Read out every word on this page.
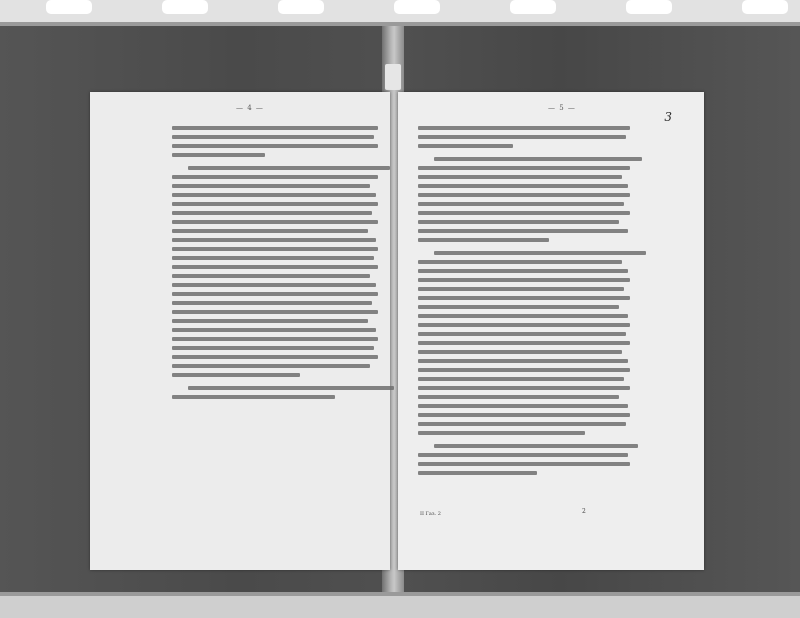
— 4 —	— 5 —
3
II Газ. 2	2
